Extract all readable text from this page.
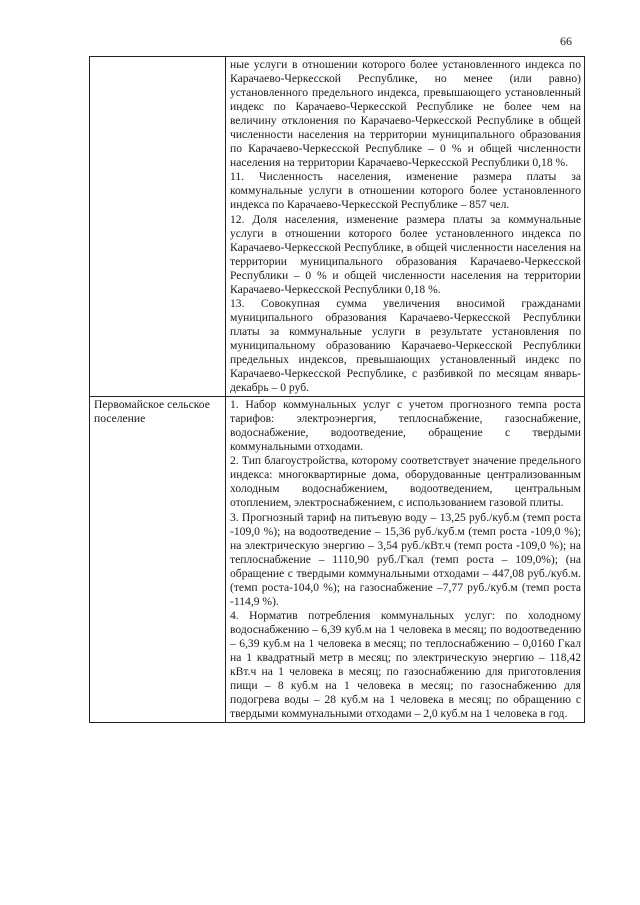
66

	ные услуги в отношении которого более установленного индекса по Карачаево-Черкесской Республике, но менее (или равно) установленного предельного индекса, превышающего установленный индекс по Карачаево-Черкесской Республике не более чем на величину отклонения по Карачаево-Черкесской Республике в общей численности населения на территории муниципального образования по Карачаево-Черкесской Республике – 0 % и общей численности населения на территории Карачаево-Черкесской Республики 0,18 %.

11. Численность населения, изменение размера платы за коммунальные услуги в отношении которого более установленного индекса по Карачаево-Черкесской Республике – 857 чел.

12. Доля населения, изменение размера платы за коммунальные услуги в отношении которого более установленного индекса по Карачаево-Черкесской Республике, в общей численности населения на территории муниципального образования Карачаево-Черкесской Республики – 0 % и общей численности населения на территории Карачаево-Черкесской Республики 0,18 %.

13. Совокупная сумма увеличения вносимой гражданами муниципального образования Карачаево-Черкесской Республики платы за коммунальные услуги в результате установления по муниципальному образованию Карачаево-Черкесской Республики предельных индексов, превышающих установленный индекс по Карачаево-Черкесской Республике, с разбивкой по месяцам январь-декабрь – 0 руб.

Первомайское сельское поселение	1. Набор коммунальных услуг с учетом прогнозного темпа роста тарифов: электроэнергия, теплоснабжение, газоснабжение, водоснабжение, водоотведение, обращение с твердыми коммунальными отходами.

2. Тип благоустройства, которому соответствует значение предельного индекса: многоквартирные дома, оборудованные централизованным холодным водоснабжением, водоотведением, центральным отоплением, электроснабжением, с использованием газовой плиты.

3. Прогнозный тариф на питьевую воду – 13,25 руб./куб.м (темп роста -109,0 %); на водоотведение – 15,36 руб./куб.м (темп роста -109,0 %); на электрическую энергию – 3,54 руб./кВт.ч (темп роста -109,0 %); на теплоснабжение – 1110,90 руб./Гкал (темп роста – 109,0%); (на обращение с твердыми коммунальными отходами – 447,08 руб./куб.м. (темп роста-104,0 %); на газоснабжение –7,77 руб./куб.м (темп роста -114,9 %).

4. Норматив потребления коммунальных услуг: по холодному водоснабжению – 6,39 куб.м на 1 человека в месяц; по водоотведению – 6,39 куб.м на 1 человека в месяц; по теплоснабжению – 0,0160 Гкал на 1 квадратный метр в месяц; по электрическую энергию – 118,42 кВт.ч на 1 человека в месяц; по газоснабжению для приготовления пищи – 8 куб.м на 1 человека в месяц; по газоснабжению для подогрева воды – 28 куб.м на 1 человека в месяц; по обращению с твердыми коммунальными отходами – 2,0 куб.м на 1 человека в год.
